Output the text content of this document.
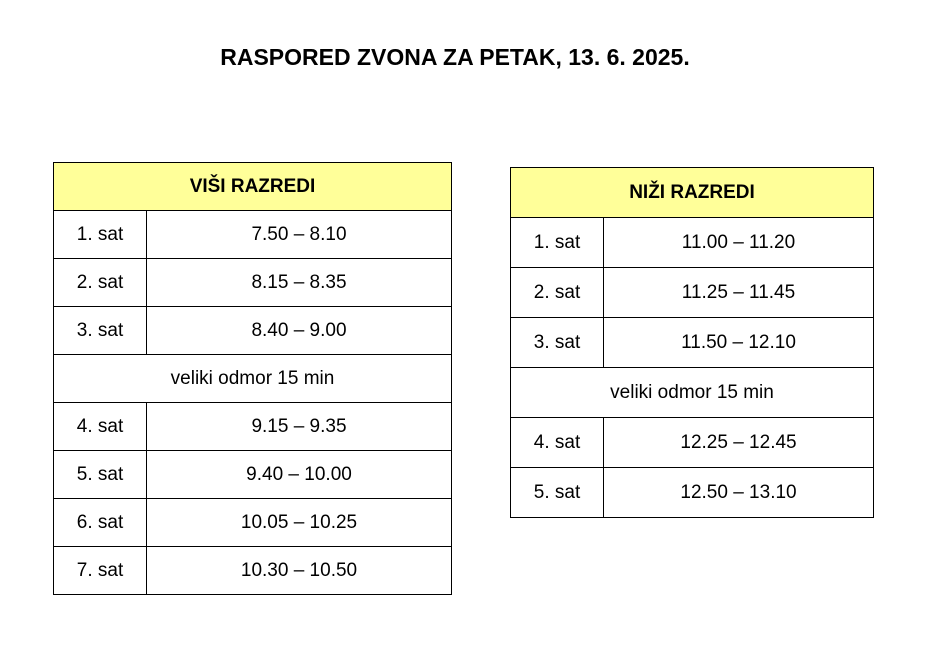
RASPORED ZVONA ZA PETAK, 13. 6. 2025.
VIŠI RAZREDI	
1. sat	7.50 – 8.10
2. sat	8.15 – 8.35
3. sat	8.40 – 9.00
veliki odmor 15 min	
4. sat	9.15 – 9.35
5. sat	9.40 – 10.00
6. sat	10.05 – 10.25
7. sat	10.30 – 10.50
NIŽI RAZREDI	
1. sat	11.00 – 11.20
2. sat	11.25 – 11.45
3. sat	11.50 – 12.10
veliki odmor 15 min	
4. sat	12.25 – 12.45
5. sat	12.50 – 13.10
